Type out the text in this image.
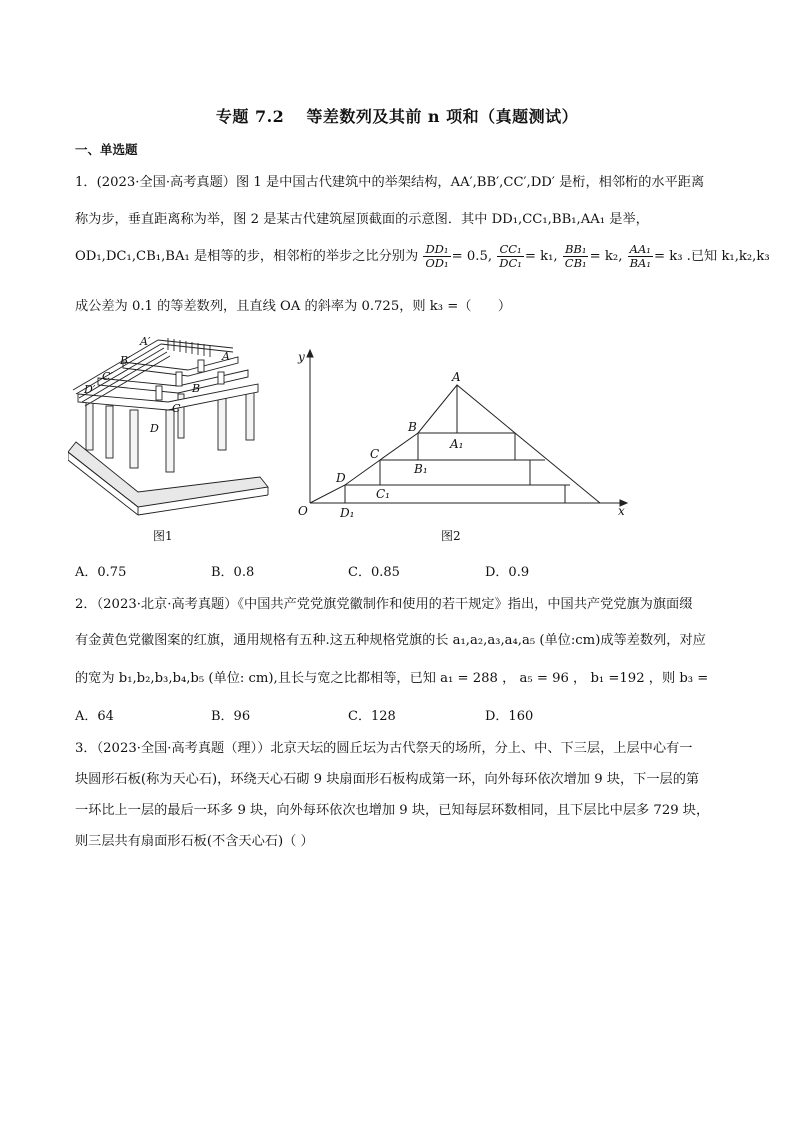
专题 7.2 等差数列及其前 n 项和（真题测试）
一、单选题
1．(2023·全国·高考真题）图 1 是中国古代建筑中的举架结构，AA′,BB′,CC′,DD′ 是桁，相邻桁的水平距离
称为步，垂直距离称为举，图 2 是某古代建筑屋顶截面的示意图．其中 DD₁,CC₁,BB₁,AA₁ 是举，
OD₁,DC₁,CB₁,BA₁ 是相等的步，相邻桁的举步之比分别为 $\frac{\text{DD₁}}{\text{OD₁}} = 0.5$, $\frac{\text{CC₁}}{\text{DC₁}} = k_1$, $\frac{\text{BB₁}}{\text{CB₁}} = k_2$, $\frac{\text{AA₁}}{\text{BA₁}} = k_3$ .已知 k₁,k₂,k₃
成公差为 0.1 的等差数列，且直线 OA 的斜率为 0.725，则 k₃ =（　　）
A′
B′
C′
D′
A
B
C
D
图1
y
x
O
A
B
C
D
A₁
B₁
C₁
D₁
图2
A．0.75	B．0.8	C．0.85	D．0.9
2．（2023·北京·高考真题）《中国共产党党旗党徽制作和使用的若干规定》指出，中国共产党党旗为旗面缀
有金黄色党徽图案的红旗，通用规格有五种.这五种规格党旗的长 a₁,a₂,a₃,a₄,a₅ (单位:cm)成等差数列，对应
的宽为 b₁,b₂,b₃,b₄,b₅ (单位: cm),且长与宽之比都相等，已知 a₁ = 288 ， a₅ = 96 ， b₁ =192 ，则 b₃ =
A．64	B．96	C．128	D．160
3．（2023·全国·高考真题（理））北京天坛的圆丘坛为古代祭天的场所，分上、中、下三层，上层中心有一
块圆形石板(称为天心石)，环绕天心石砌 9 块扇面形石板构成第一环，向外每环依次增加 9 块，下一层的第
一环比上一层的最后一环多 9 块，向外每环依次也增加 9 块，已知每层环数相同，且下层比中层多 729 块，
则三层共有扇面形石板(不含天心石)（ ）
